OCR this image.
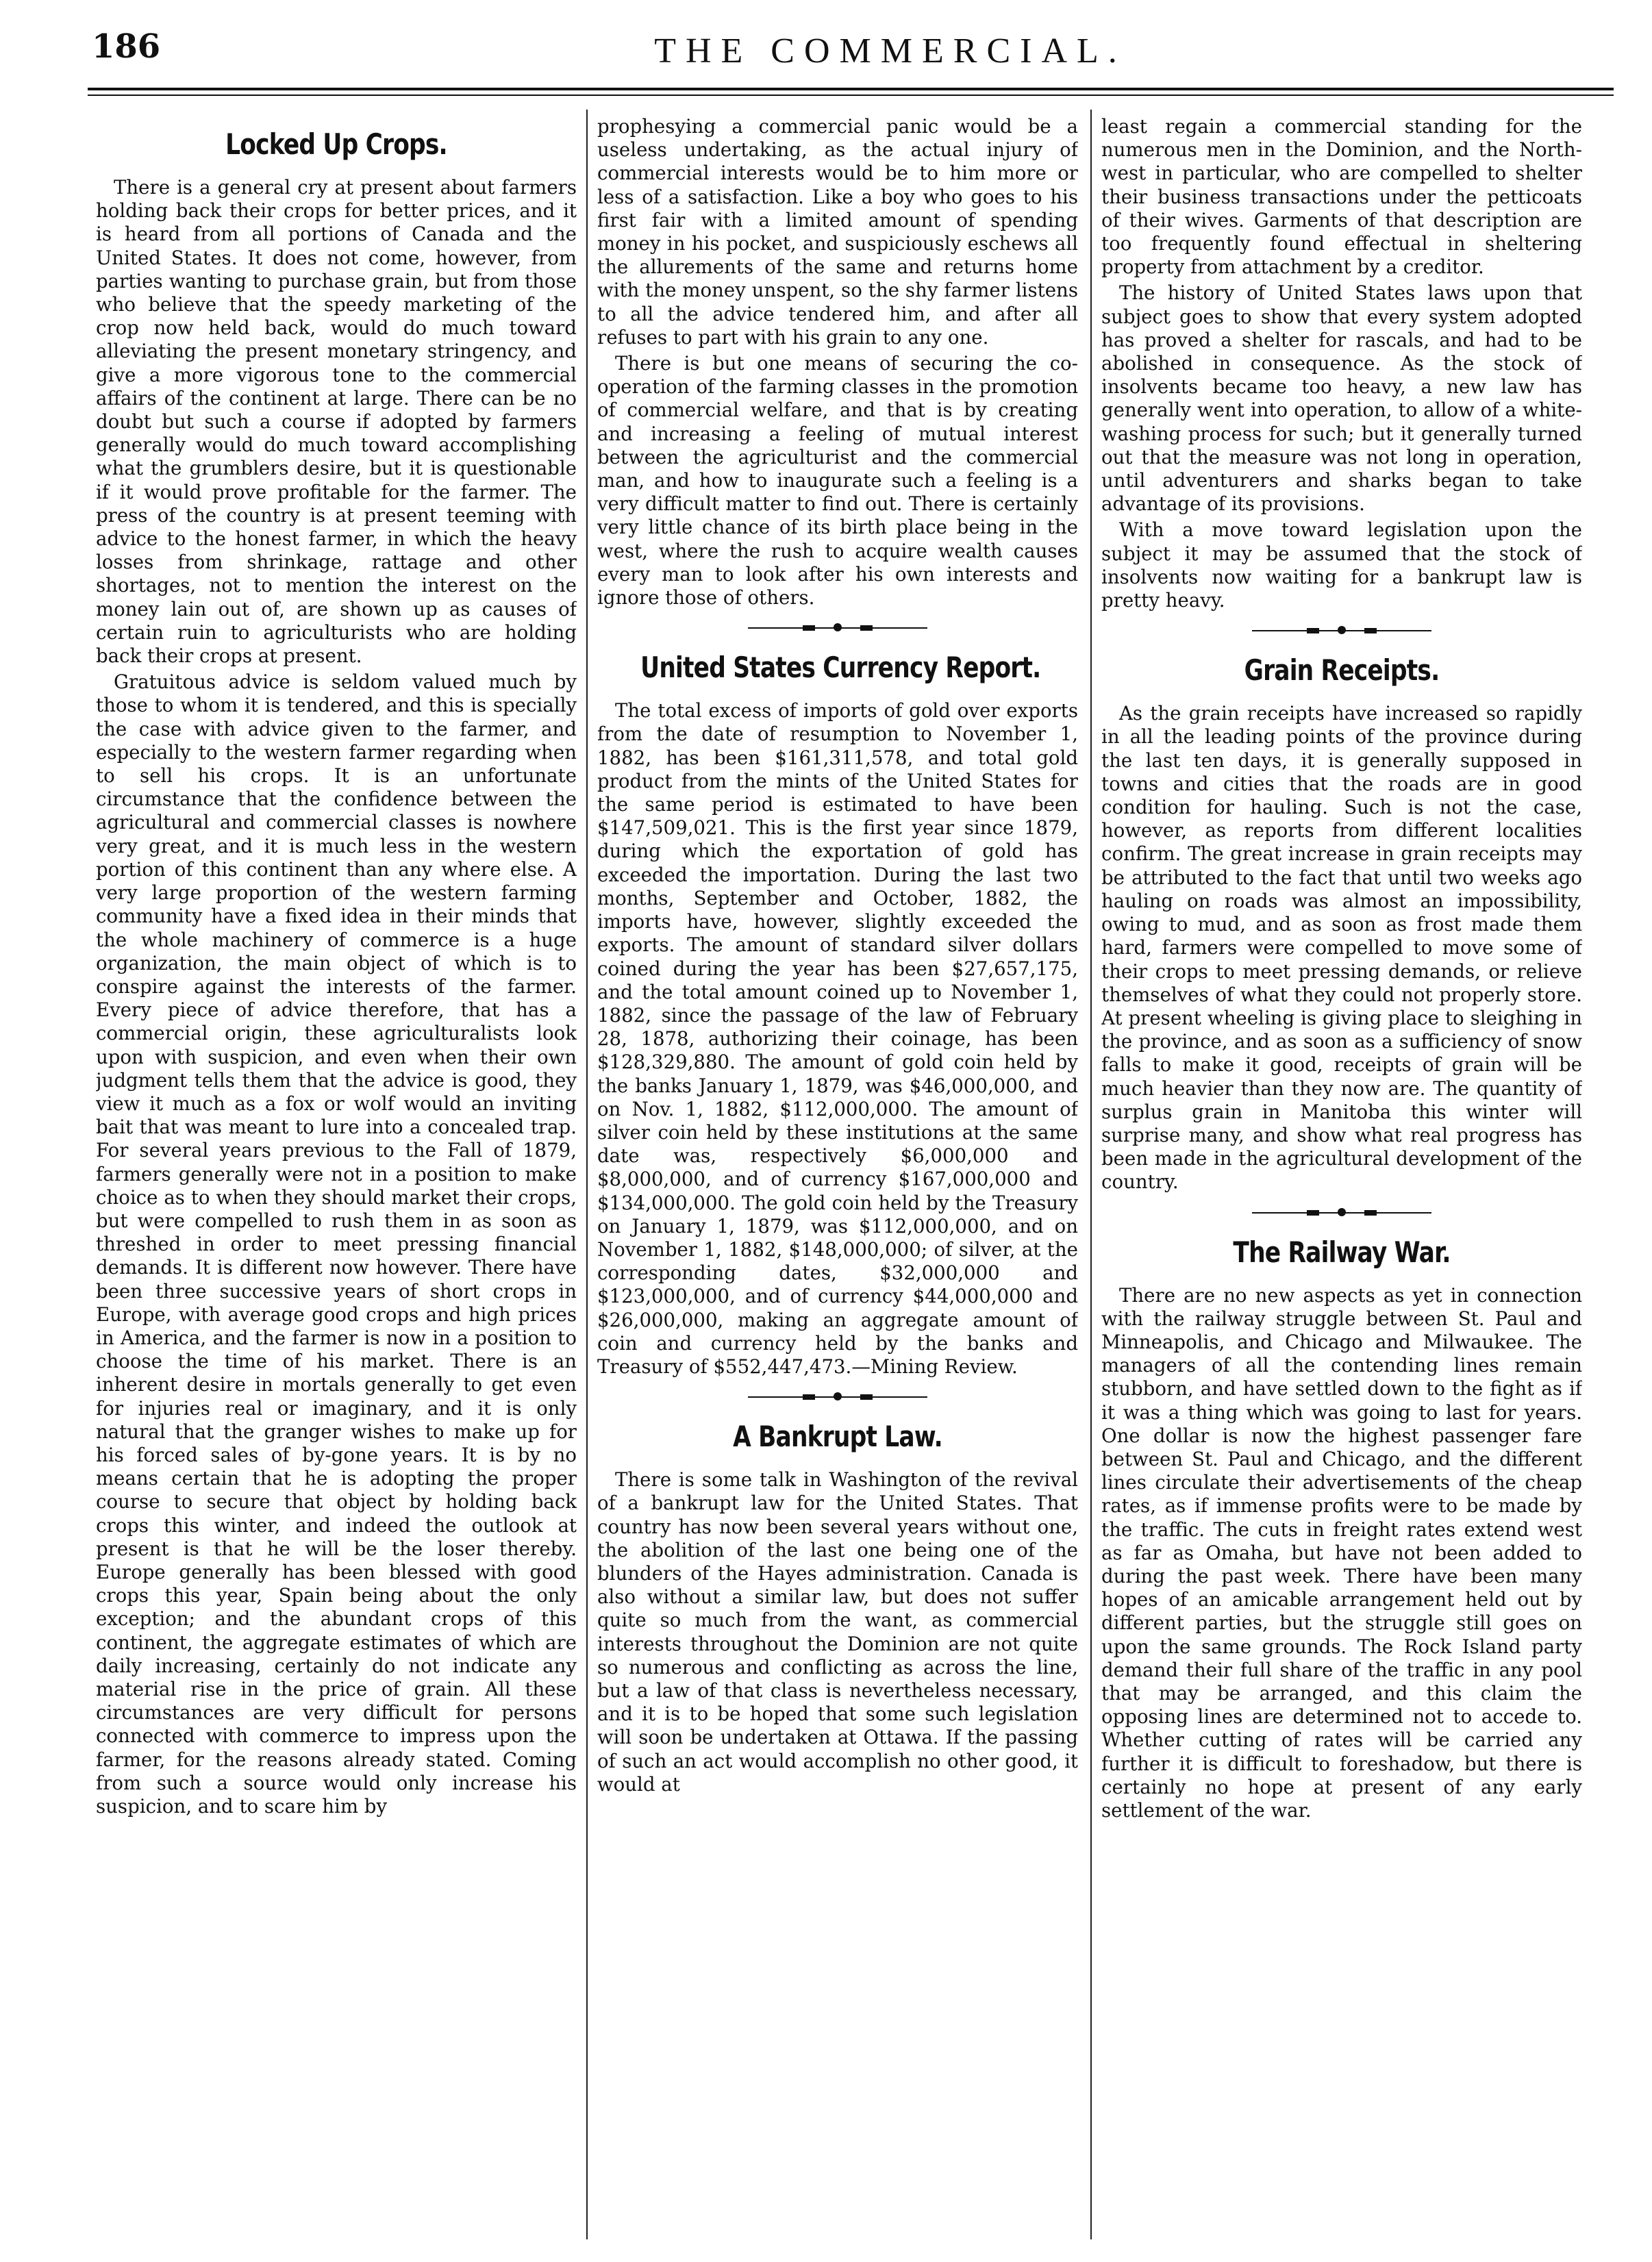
186	THE COMMERCIAL.
Locked Up Crops.

There is a general cry at present about farmers holding back their crops for better prices, and it is heard from all portions of Canada and the United States. It does not come, however, from parties wanting to purchase grain, but from those who believe that the speedy marketing of the crop now held back, would do much toward alleviating the present monetary stringency, and give a more vigorous tone to the commercial affairs of the continent at large. There can be no doubt but such a course if adopted by farmers generally would do much toward accomplishing what the grumblers desire, but it is questionable if it would prove profitable for the farmer. The press of the country is at present teeming with advice to the honest farmer, in which the heavy losses from shrinkage, rattage and other shortages, not to mention the interest on the money lain out of, are shown up as causes of certain ruin to agriculturists who are holding back their crops at present.

Gratuitous advice is seldom valued much by those to whom it is tendered, and this is specially the case with advice given to the farmer, and especially to the western farmer regarding when to sell his crops. It is an unfortunate circumstance that the confidence between the agricultural and commercial classes is nowhere very great, and it is much less in the western portion of this continent than any where else. A very large proportion of the western farming community have a fixed idea in their minds that the whole machinery of commerce is a huge organization, the main object of which is to conspire against the interests of the farmer. Every piece of advice therefore, that has a commercial origin, these agriculturalists look upon with suspicion, and even when their own judgment tells them that the advice is good, they view it much as a fox or wolf would an inviting bait that was meant to lure into a concealed trap. For several years previous to the Fall of 1879, farmers generally were not in a position to make choice as to when they should market their crops, but were compelled to rush them in as soon as threshed in order to meet pressing financial demands. It is different now however. There have been three successive years of short crops in Europe, with average good crops and high prices in America, and the farmer is now in a position to choose the time of his market. There is an inherent desire in mortals generally to get even for injuries real or imaginary, and it is only natural that the granger wishes to make up for his forced sales of by-gone years. It is by no means certain that he is adopting the proper course to secure that object by holding back crops this winter, and indeed the outlook at present is that he will be the loser thereby. Europe generally has been blessed with good crops this year, Spain being about the only exception; and the abundant crops of this continent, the aggregate estimates of which are daily increasing, certainly do not indicate any material rise in the price of grain. All these circumstances are very difficult for persons connected with commerce to impress upon the farmer, for the reasons already stated. Coming from such a source would only increase his suspicion, and to scare him by

prophesying a commercial panic would be a useless undertaking, as the actual injury of commercial interests would be to him more or less of a satisfaction. Like a boy who goes to his first fair with a limited amount of spending money in his pocket, and suspiciously eschews all the allurements of the same and returns home with the money unspent, so the shy farmer listens to all the advice tendered him, and after all refuses to part with his grain to any one.

There is but one means of securing the co-operation of the farming classes in the promotion of commercial welfare, and that is by creating and increasing a feeling of mutual interest between the agriculturist and the commercial man, and how to inaugurate such a feeling is a very difficult matter to find out. There is certainly very little chance of its birth place being in the west, where the rush to acquire wealth causes every man to look after his own interests and ignore those of others.

United States Currency Report.

The total excess of imports of gold over exports from the date of resumption to November 1, 1882, has been $161,311,578, and total gold product from the mints of the United States for the same period is estimated to have been $147,509,021. This is the first year since 1879, during which the exportation of gold has exceeded the importation. During the last two months, September and October, 1882, the imports have, however, slightly exceeded the exports. The amount of standard silver dollars coined during the year has been $27,657,175, and the total amount coined up to November 1, 1882, since the passage of the law of February 28, 1878, authorizing their coinage, has been $128,329,880. The amount of gold coin held by the banks January 1, 1879, was $46,000,000, and on Nov. 1, 1882, $112,000,000. The amount of silver coin held by these institutions at the same date was, respectively $6,000,000 and $8,000,000, and of currency $167,000,000 and $134,000,000. The gold coin held by the Treasury on January 1, 1879, was $112,000,000, and on November 1, 1882, $148,000,000; of silver, at the corresponding dates, $32,000,000 and $123,000,000, and of currency $44,000,000 and $26,000,000, making an aggregate amount of coin and currency held by the banks and Treasury of $552,447,473.—Mining Review.

A Bankrupt Law.

There is some talk in Washington of the revival of a bankrupt law for the United States. That country has now been several years without one, the abolition of the last one being one of the blunders of the Hayes administration. Canada is also without a similar law, but does not suffer quite so much from the want, as commercial interests throughout the Dominion are not quite so numerous and conflicting as across the line, but a law of that class is nevertheless necessary, and it is to be hoped that some such legislation will soon be undertaken at Ottawa. If the passing of such an act would accomplish no other good, it would at

least regain a commercial standing for the numerous men in the Dominion, and the North-west in particular, who are compelled to shelter their business transactions under the petticoats of their wives. Garments of that description are too frequently found effectual in sheltering property from attachment by a creditor.

The history of United States laws upon that subject goes to show that every system adopted has proved a shelter for rascals, and had to be abolished in consequence. As the stock of insolvents became too heavy, a new law has generally went into operation, to allow of a white-washing process for such; but it generally turned out that the measure was not long in operation, until adventurers and sharks began to take advantage of its provisions.

With a move toward legislation upon the subject it may be assumed that the stock of insolvents now waiting for a bankrupt law is pretty heavy.

Grain Receipts.

As the grain receipts have increased so rapidly in all the leading points of the province during the last ten days, it is generally supposed in towns and cities that the roads are in good condition for hauling. Such is not the case, however, as reports from different localities confirm. The great increase in grain receipts may be attributed to the fact that until two weeks ago hauling on roads was almost an impossibility, owing to mud, and as soon as frost made them hard, farmers were compelled to move some of their crops to meet pressing demands, or relieve themselves of what they could not properly store. At present wheeling is giving place to sleighing in the province, and as soon as a sufficiency of snow falls to make it good, receipts of grain will be much heavier than they now are. The quantity of surplus grain in Manitoba this winter will surprise many, and show what real progress has been made in the agricultural development of the country.

The Railway War.

There are no new aspects as yet in connection with the railway struggle between St. Paul and Minneapolis, and Chicago and Milwaukee. The managers of all the contending lines remain stubborn, and have settled down to the fight as if it was a thing which was going to last for years. One dollar is now the highest passenger fare between St. Paul and Chicago, and the different lines circulate their advertisements of the cheap rates, as if immense profits were to be made by the traffic. The cuts in freight rates extend west as far as Omaha, but have not been added to during the past week. There have been many hopes of an amicable arrangement held out by different parties, but the struggle still goes on upon the same grounds. The Rock Island party demand their full share of the traffic in any pool that may be arranged, and this claim the opposing lines are determined not to accede to. Whether cutting of rates will be carried any further it is difficult to foreshadow, but there is certainly no hope at present of any early settlement of the war.
